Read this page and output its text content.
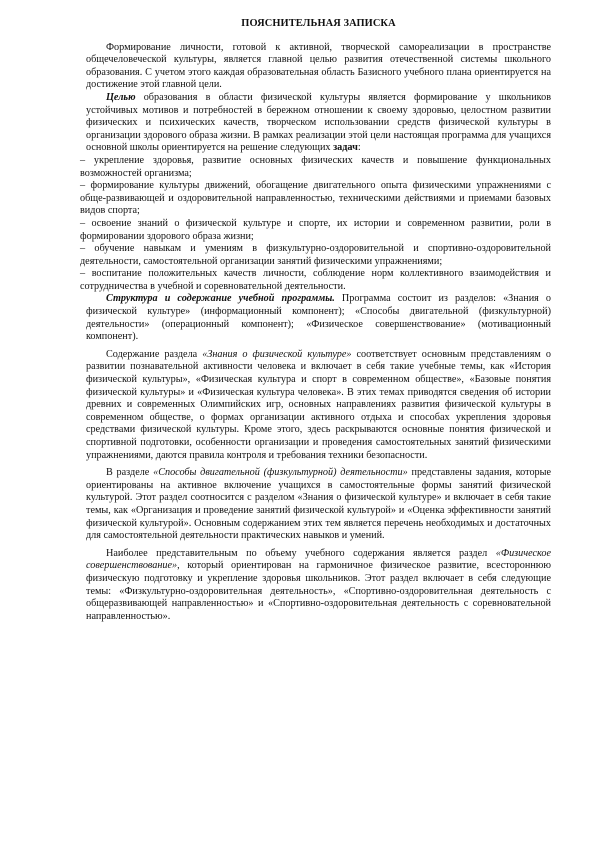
ПОЯСНИТЕЛЬНАЯ ЗАПИСКА

Формирование личности, готовой к активной, творческой самореализации в пространстве общечеловеческой культуры, является главной целью развития отечественной системы школьного образования. С учетом этого каждая образовательная область Базисного учебного плана ориентируется на достижение этой главной цели.

Целью образования в области физической культуры является формирование у школьников устойчивых мотивов и потребностей в бережном отношении к своему здоровью, целостном развитии физических и психических качеств, творческом использовании средств физической культуры в организации здорового образа жизни. В рамках реализации этой цели настоящая программа для учащихся основной школы ориентируется на решение следующих задач:

– укрепление здоровья, развитие основных физических качеств и повышение функциональных возможностей организма;

– формирование культуры движений, обогащение двигательного опыта физическими упражнениями с обще-развивающей и оздоровительной направленностью, техническими действиями и приемами базовых видов спорта;

– освоение знаний о физической культуре и спорте, их истории и современном развитии, роли в формировании здорового образа жизни;

– обучение навыкам и умениям в физкультурно-оздоровительной и спортивно-оздоровительной деятельности, самостоятельной организации занятий физическими упражнениями;

– воспитание положительных качеств личности, соблюдение норм коллективного взаимодействия и сотрудничества в учебной и соревновательной деятельности.

Структура и содержание учебной программы. Программа состоит из разделов: «Знания о физической культуре» (информационный компонент); «Способы двигательной (физкультурной) деятельности» (операционный компонент); «Физическое совершенствование» (мотивационный компонент).

Содержание раздела «Знания о физической культуре» соответствует основным представлениям о развитии познавательной активности человека и включает в себя такие учебные темы, как «История физической культуры», «Физическая культура и спорт в современном обществе», «Базовые понятия физической культуры» и «Физическая культура человека». В этих темах приводятся сведения об истории древних и современных Олимпийских игр, основных направлениях развития физической культуры в современном обществе, о формах организации активного отдыха и способах укрепления здоровья средствами физической культуры. Кроме этого, здесь раскрываются основные понятия физической и спортивной подготовки, особенности организации и проведения самостоятельных занятий физическими упражнениями, даются правила контроля и требования техники безопасности.

В разделе «Способы двигательной (физкультурной) деятельности» представлены задания, которые ориентированы на активное включение учащихся в самостоятельные формы занятий физической культурой. Этот раздел соотносится с разделом «Знания о физической культуре» и включает в себя такие темы, как «Организация и проведение занятий физической культурой» и «Оценка эффективности занятий физической культурой». Основным содержанием этих тем является перечень необходимых и достаточных для самостоятельной деятельности практических навыков и умений.

Наиболее представительным по объему учебного содержания является раздел «Физическое совершенствование», который ориентирован на гармоничное физическое развитие, всестороннюю физическую подготовку и укрепление здоровья школьников. Этот раздел включает в себя следующие темы: «Физкультурно-оздоровительная деятельность», «Спортивно-оздоровительная деятельность с общеразвивающей направленностью» и «Спортивно-оздоровительная деятельность с соревновательной направленностью».
